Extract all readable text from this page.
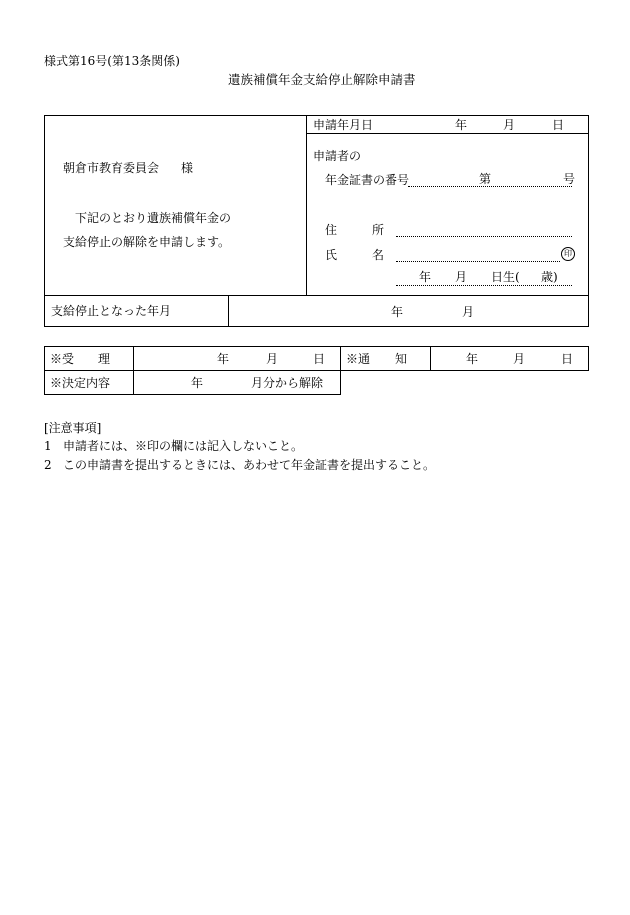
様式第16号(第13条関係)
遺族補償年金支給停止解除申請書
申請年月日	年	月	日
朝倉市教育委員会 様
下記のとおり遺族補償年金の
支給停止の解除を申請します。
申請者の
年金証書の番号	第	号
住	所
氏	名	印
年 月 日生( 歳)
支給停止となった年月	年	月
※受 理	年	月	日 ※通 知	年	月	日
※決定内容	年	月分から解除
[注意事項]
1 申請者には、※印の欄には記入しないこと。
2 この申請書を提出するときには、あわせて年金証書を提出すること。
